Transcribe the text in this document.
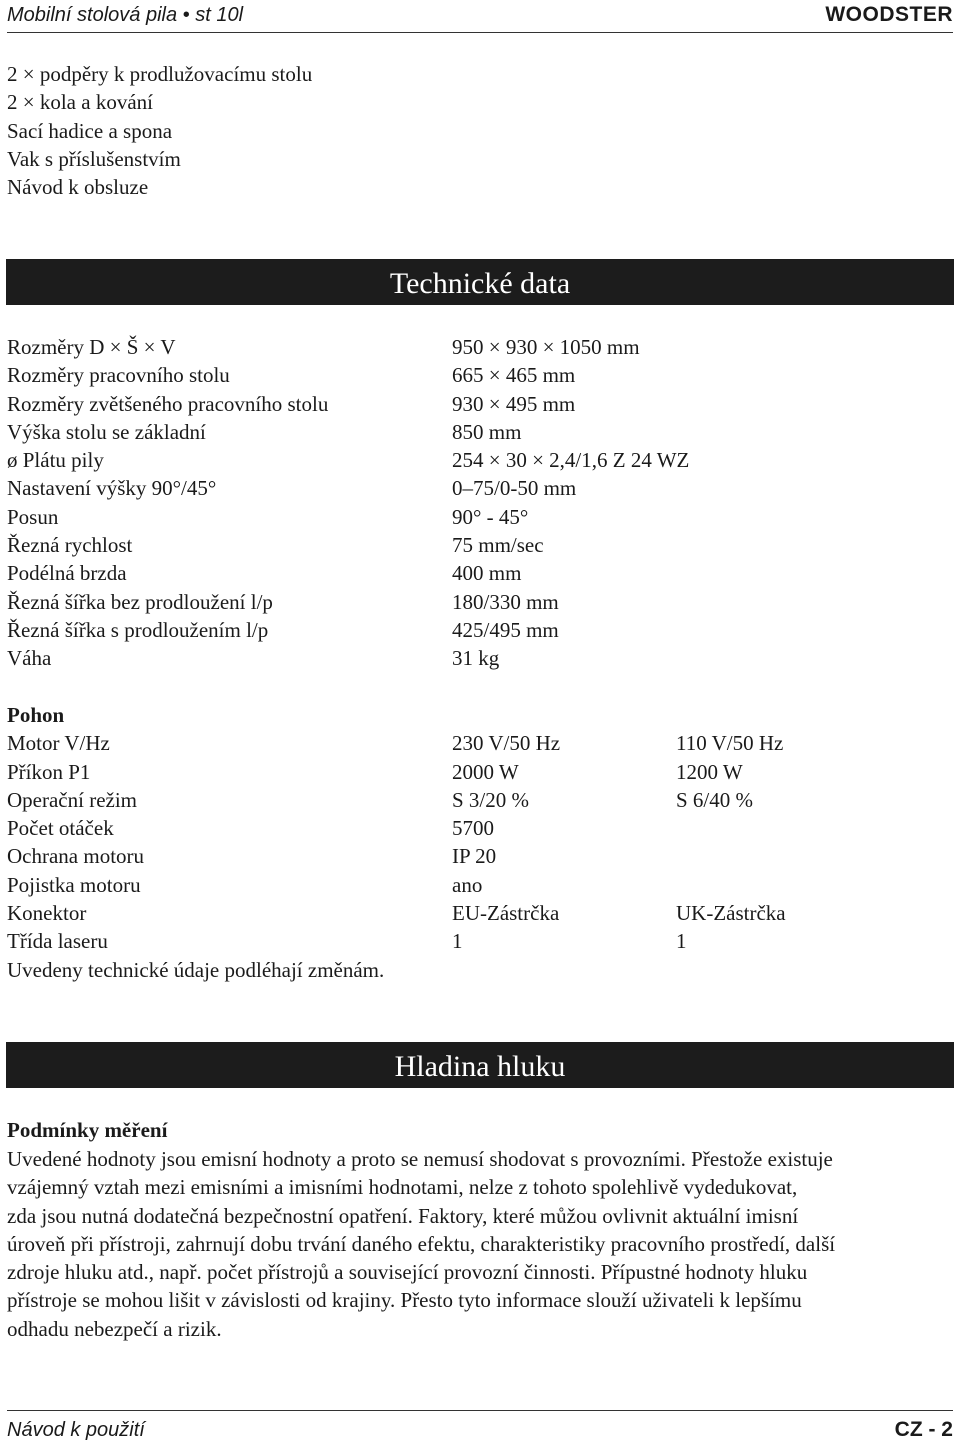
Mobilní stolová pila • st 10l	WOODSTER
2 × podpěry k prodlužovacímu stolu
2 × kola a kování
Sací hadice a spona
Vak s příslušenstvím
Návod k obsluze
Technické data
Rozměry D × Š × V	950 × 930 × 1050 mm
Rozměry pracovního stolu	665 × 465 mm
Rozměry zvětšeného pracovního stolu	930 × 495 mm
Výška stolu se základní	850 mm
ø Plátu pily	254 × 30 × 2,4/1,6 Z 24 WZ
Nastavení výšky 90°/45°	0–75/0-50 mm
Posun	90° - 45°
Řezná rychlost	75 mm/sec
Podélná brzda	400 mm
Řezná šířka bez prodloužení l/p	180/330 mm
Řezná šířka s prodloužením l/p	425/495 mm
Váha	31 kg
Pohon
Motor V/Hz	230 V/50 Hz	110 V/50 Hz
Příkon P1	2000 W	1200 W
Operační režim	S 3/20 %	S 6/40 %
Počet otáček	5700
Ochrana motoru	IP 20
Pojistka motoru	ano
Konektor	EU-Zástrčka	UK-Zástrčka
Třída laseru	1	1
Uvedeny technické údaje podléhají změnám.
Hladina hluku
Podmínky měření
Uvedené hodnoty jsou emisní hodnoty a proto se nemusí shodovat s provozními. Přestože existuje
vzájemný vztah mezi emisními a imisními hodnotami, nelze z tohoto spolehlivě vydedukovat,
zda jsou nutná dodatečná bezpečnostní opatření. Faktory, které můžou ovlivnit aktuální imisní
úroveň při přístroji, zahrnují dobu trvání daného efektu, charakteristiky pracovního prostředí, další
zdroje hluku atd., např. počet přístrojů a související provozní činnosti. Přípustné hodnoty hluku
přístroje se mohou lišit v závislosti od krajiny. Přesto tyto informace slouží uživateli k lepšímu
odhadu nebezpečí a rizik.
Návod k použití	CZ - 2
